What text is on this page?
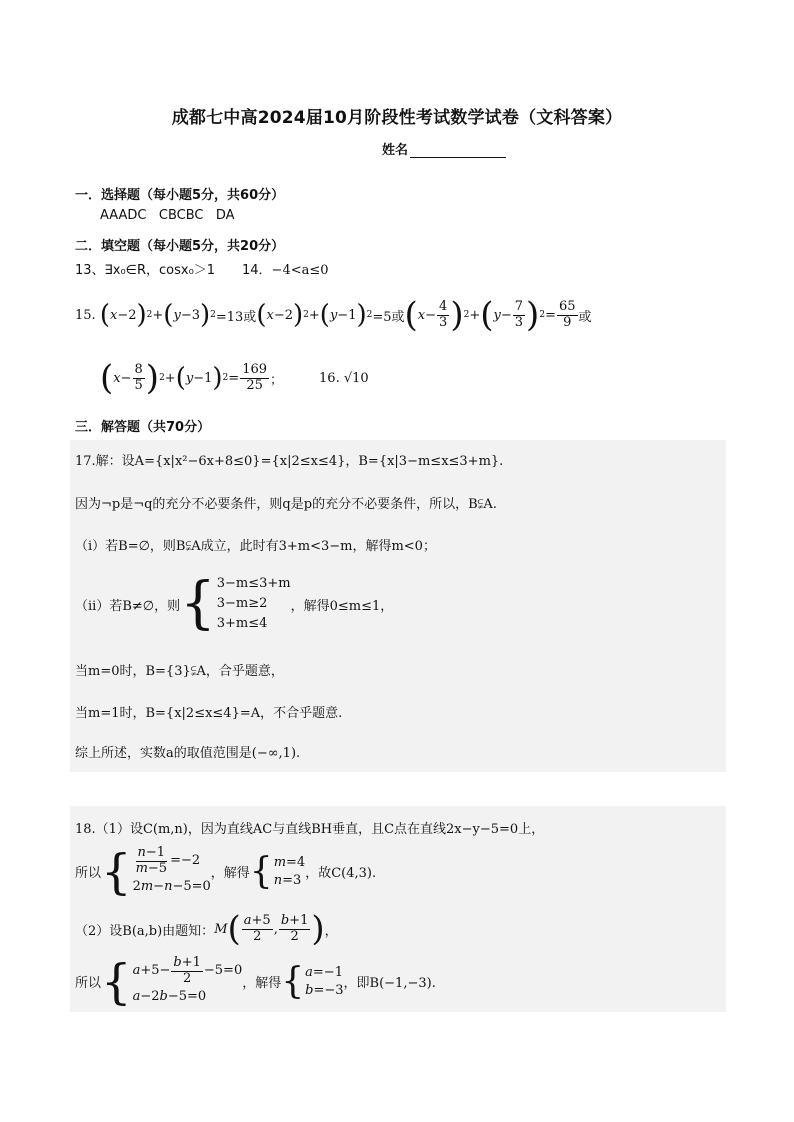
成都七中高2024届10月阶段性考试数学试卷（文科答案）
姓名
一．选择题（每小题5分，共60分）
AAADC   CBCBC   DA
二．填空题（每小题5分，共20分）
13、∃x₀∈R，cosx₀＞1 14．−4<a≤0
15.
( x −2 ) 2 + ( y −3 ) 2 =13或 ( x −2 ) 2 + ( y −1 ) 2 =5或 ( $x - \frac{4}{3}$ ) 2 + ( $y - \frac{7}{3}$ ) $2 = \frac{65}{9}$ 或
( $x - \frac{8}{5}$ ) 2 + ( y −1 ) $2 = \frac{169}{25}$ ；	16. √10
三．解答题（共70分）
17.解：设A={x|x²−6x+8≤0}={x|2≤x≤4}，B={x|3−m≤x≤3+m}.
因为¬p是¬q的充分不必要条件，则q是p的充分不必要条件，所以，B⫋A.
（i）若B=∅，则B⫋A成立，此时有3+m<3−m，解得m<0；
（ii）若B≠∅，则 { 3−m≤3+m
3−m≥2
3+m≤4
，解得0≤m≤1，
当m=0时，B={3}⫋A，合乎题意，
当m=1时，B={x|2≤x≤4}=A，不合乎题意.
综上所述，实数a的取值范围是(−∞,1).
18.（1）设C(m,n)，因为直线AC与直线BH垂直，且C点在直线2x−y−5=0上，
所以 { $\frac{n-1}{m-5} =-2$
2 m − n −5=0
，解得 { m=4
n=3 ，故C(4,3).
（2）设B(a,b)由题知： M ( $\frac{a+5}{2}$ , $\frac{b+1}{2}$ ) ，
所以 { $a +5- \frac{b+1}{2} -5=0$
a −2 b −5=0
，解得 { a=−1
b=−3 ，即B(−1,−3).
